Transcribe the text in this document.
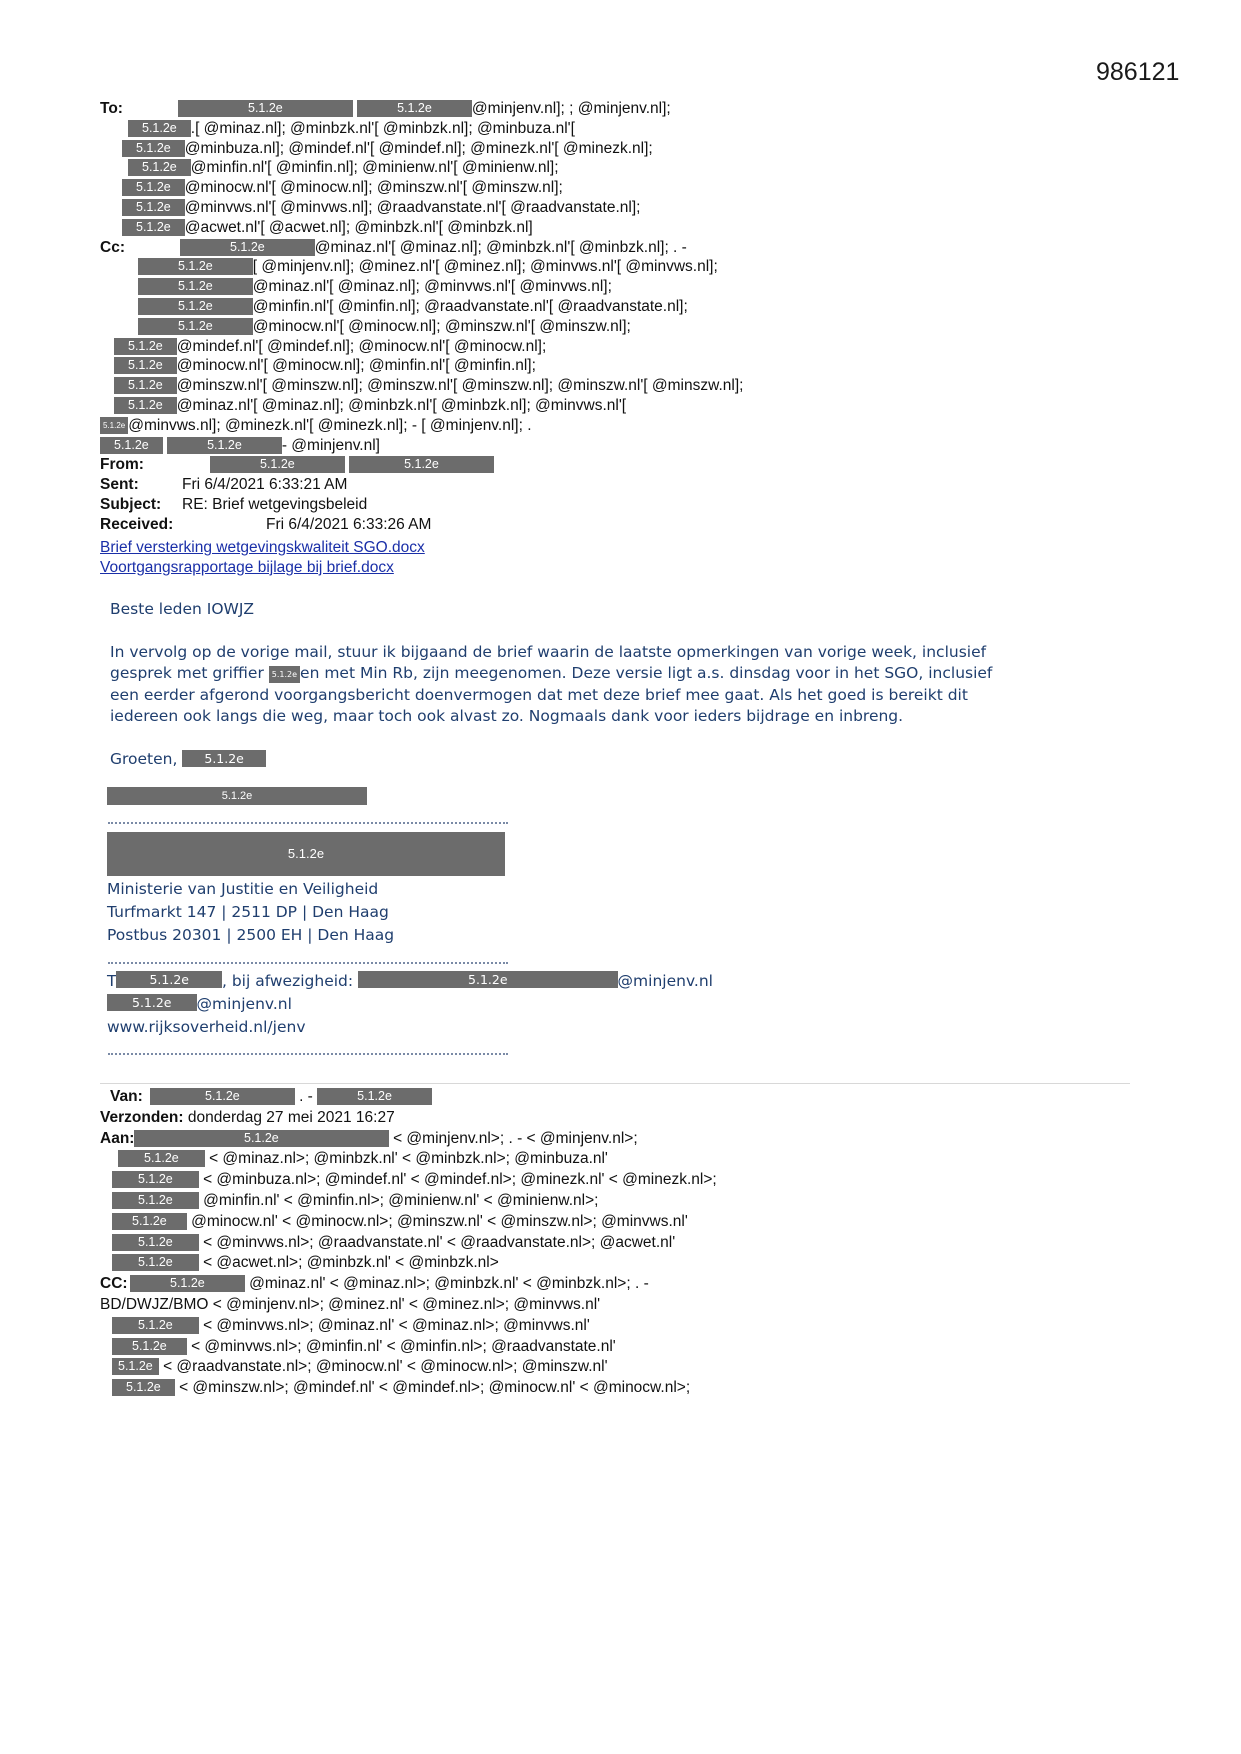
986121
To:	5.1.2e	5.1.2e	@minjenv.nl]; ; @minjenv.nl];
5.1.2e .[ @minaz.nl]; @minbzk.nl'[ @minbzk.nl]; @minbuza.nl'[
5.1.2e @minbuza.nl]; @mindef.nl'[ @mindef.nl]; @minezk.nl'[ @minezk.nl];
5.1.2e @minfin.nl'[ @minfin.nl]; @minienw.nl'[ @minienw.nl];
5.1.2e @minocw.nl'[ @minocw.nl]; @minszw.nl'[ @minszw.nl];
5.1.2e @minvws.nl'[ @minvws.nl]; @raadvanstate.nl'[ @raadvanstate.nl];
5.1.2e @acwet.nl'[ @acwet.nl]; @minbzk.nl'[ @minbzk.nl]
Cc:	5.1.2e	@minaz.nl'[ @minaz.nl]; @minbzk.nl'[ @minbzk.nl]; . -
5.1.2e	[ @minjenv.nl]; @minez.nl'[ @minez.nl]; @minvws.nl'[ @minvws.nl];
5.1.2e	@minaz.nl'[ @minaz.nl]; @minvws.nl'[ @minvws.nl];
5.1.2e	@minfin.nl'[ @minfin.nl]; @raadvanstate.nl'[ @raadvanstate.nl];
5.1.2e	@minocw.nl'[ @minocw.nl]; @minszw.nl'[ @minszw.nl];
5.1.2e @mindef.nl'[ @mindef.nl]; @minocw.nl'[ @minocw.nl];
5.1.2e @minocw.nl'[ @minocw.nl]; @minfin.nl'[ @minfin.nl];
5.1.2e @minszw.nl'[ @minszw.nl]; @minszw.nl'[ @minszw.nl]; @minszw.nl'[ @minszw.nl];
5.1.2e @minaz.nl'[ @minaz.nl]; @minbzk.nl'[ @minbzk.nl]; @minvws.nl'[
5.1.2e @minvws.nl]; @minezk.nl'[ @minezk.nl]; - [ @minjenv.nl]; .
5.1.2e	5.1.2e	- @minjenv.nl]
From:	5.1.2e	5.1.2e
Sent:	Fri 6/4/2021 6:33:21 AM
Subject: RE: Brief wetgevingsbeleid
Received:	Fri 6/4/2021 6:33:26 AM
Brief versterking wetgevingskwaliteit SGO.docx
Voortgangsrapportage bijlage bij brief.docx

Beste leden IOWJZ

In vervolg op de vorige mail, stuur ik bijgaand de brief waarin de laatste opmerkingen van vorige week, inclusief

gesprek met griffier 5.1.2e en met Min Rb, zijn meegenomen. Deze versie ligt a.s. dinsdag voor in het SGO, inclusief

een eerder afgerond voorgangsbericht doenvermogen dat met deze brief mee gaat. Als het goed is bereikt dit

iedereen ook langs die weg, maar toch ook alvast zo. Nogmaals dank voor ieders bijdrage en inbreng.

Groeten, 5.1.2e

5.1.2e
5.1.2e
Ministerie van Justitie en Veiligheid
Turfmarkt 147 | 2511 DP | Den Haag
Postbus 20301 | 2500 EH | Den Haag
T	5.1.2e , bij afwezigheid:	5.1.2e	@minjenv.nl
5.1.2e @minjenv.nl
www.rijksoverheid.nl/jenv
Van:	5.1.2e	. -	5.1.2e
Verzonden: donderdag 27 mei 2021 16:27
Aan:	5.1.2e	< @minjenv.nl>; . - < @minjenv.nl>;
5.1.2e < @minaz.nl>; @minbzk.nl' < @minbzk.nl>; @minbuza.nl'
5.1.2e < @minbuza.nl>; @mindef.nl' < @mindef.nl>; @minezk.nl' < @minezk.nl>;
5.1.2e @minfin.nl' < @minfin.nl>; @minienw.nl' < @minienw.nl>;
5.1.2e @minocw.nl' < @minocw.nl>; @minszw.nl' < @minszw.nl>; @minvws.nl'
5.1.2e < @minvws.nl>; @raadvanstate.nl' < @raadvanstate.nl>; @acwet.nl'
5.1.2e < @acwet.nl>; @minbzk.nl' < @minbzk.nl>
CC:	5.1.2e	@minaz.nl' < @minaz.nl>; @minbzk.nl' < @minbzk.nl>; . -
BD/DWJZ/BMO < @minjenv.nl>; @minez.nl' < @minez.nl>; @minvws.nl'
5.1.2e < @minvws.nl>; @minaz.nl' < @minaz.nl>; @minvws.nl'
5.1.2e < @minvws.nl>; @minfin.nl' < @minfin.nl>; @raadvanstate.nl'
5.1.2e < @raadvanstate.nl>; @minocw.nl' < @minocw.nl>; @minszw.nl'
5.1.2e < @minszw.nl>; @mindef.nl' < @mindef.nl>; @minocw.nl' < @minocw.nl>;
